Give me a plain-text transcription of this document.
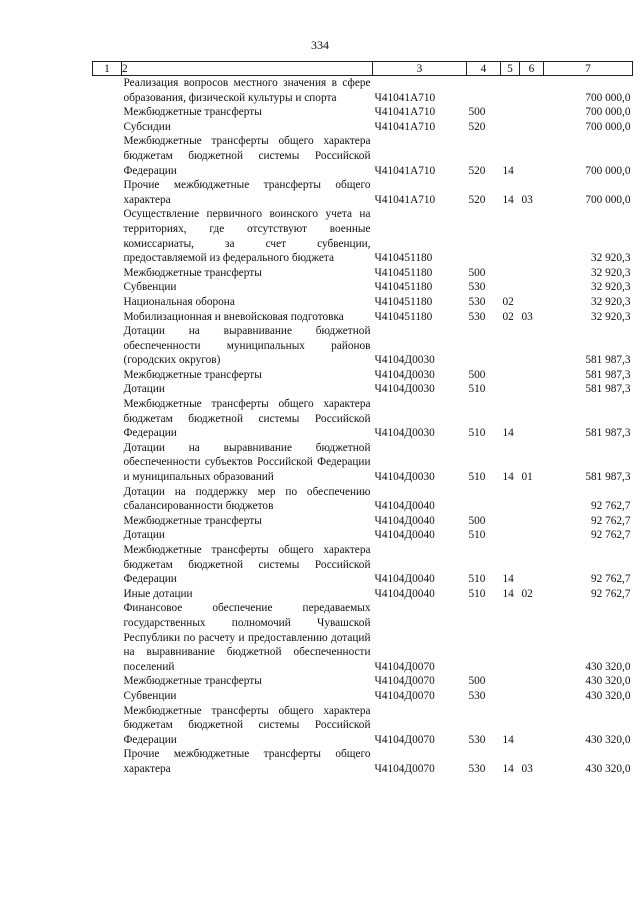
334
1	2	3	4	5	6	7
	Реализация вопросов местного значения в сфере образования, физической культуры и спорта	Ч41041А710				700 000,0
	Межбюджетные трансферты	Ч41041А710	500			700 000,0
	Субсидии	Ч41041А710	520			700 000,0
	Межбюджетные трансферты общего характера бюджетам бюджетной системы Российской Федерации	Ч41041А710	520	14		700 000,0
	Прочие межбюджетные трансферты общего характера	Ч41041А710	520	14	03	700 000,0
	Осуществление первичного воинского учета на территориях, где отсутствуют военные комиссариаты, за счет субвенции, предоставляемой из федерального бюджета	Ч410451180				32 920,3
	Межбюджетные трансферты	Ч410451180	500			32 920,3
	Субвенции	Ч410451180	530			32 920,3
	Национальная оборона	Ч410451180	530	02		32 920,3
	Мобилизационная и вневойсковая подготовка	Ч410451180	530	02	03	32 920,3
	Дотации на выравнивание бюджетной обеспеченности муниципальных районов (городских округов)	Ч4104Д0030				581 987,3
	Межбюджетные трансферты	Ч4104Д0030	500			581 987,3
	Дотации	Ч4104Д0030	510			581 987,3
	Межбюджетные трансферты общего характера бюджетам бюджетной системы Российской Федерации	Ч4104Д0030	510	14		581 987,3
	Дотации на выравнивание бюджетной обеспеченности субъектов Российской Федерации и муниципальных образований	Ч4104Д0030	510	14	01	581 987,3
	Дотации на поддержку мер по обеспечению сбалансированности бюджетов	Ч4104Д0040				92 762,7
	Межбюджетные трансферты	Ч4104Д0040	500			92 762,7
	Дотации	Ч4104Д0040	510			92 762,7
	Межбюджетные трансферты общего характера бюджетам бюджетной системы Российской Федерации	Ч4104Д0040	510	14		92 762,7
	Иные дотации	Ч4104Д0040	510	14	02	92 762,7
	Финансовое обеспечение передаваемых государственных полномочий Чувашской Республики по расчету и предоставлению дотаций на выравнивание бюджетной обеспеченности поселений	Ч4104Д0070				430 320,0
	Межбюджетные трансферты	Ч4104Д0070	500			430 320,0
	Субвенции	Ч4104Д0070	530			430 320,0
	Межбюджетные трансферты общего характера бюджетам бюджетной системы Российской Федерации	Ч4104Д0070	530	14		430 320,0
	Прочие межбюджетные трансферты общего характера	Ч4104Д0070	530	14	03	430 320,0
